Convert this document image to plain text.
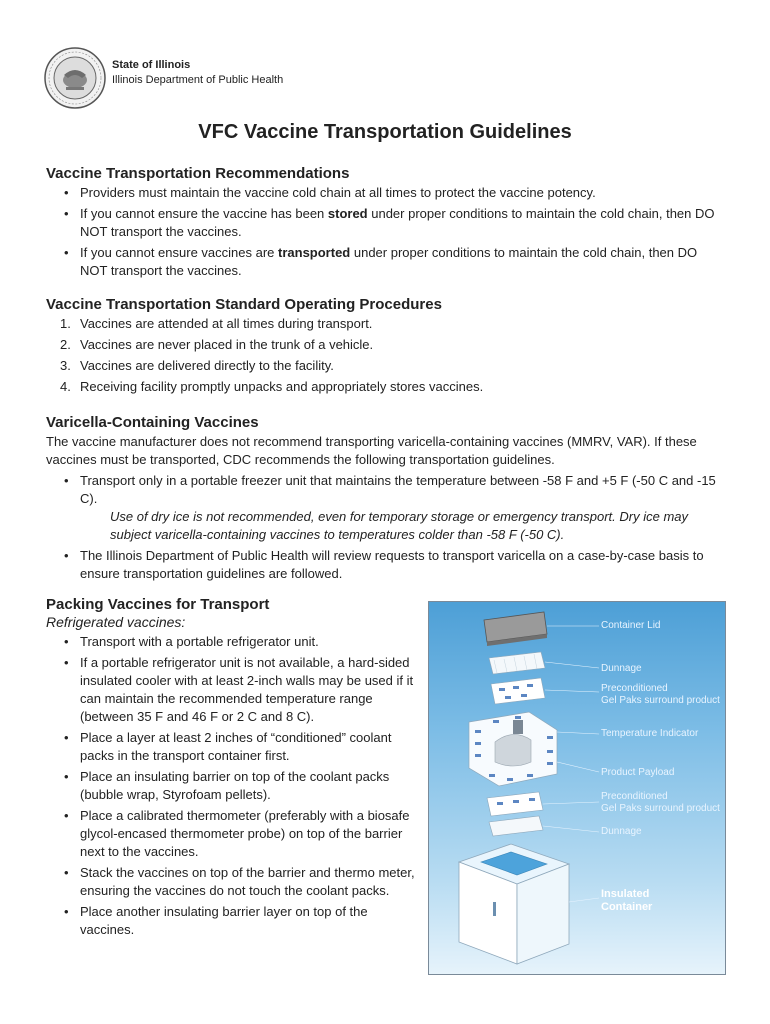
State of Illinois
Illinois Department of Public Health
VFC Vaccine Transportation Guidelines
Vaccine Transportation Recommendations
• Providers must maintain the vaccine cold chain at all times to protect the vaccine potency.
• If you cannot ensure the vaccine has been stored under proper conditions to maintain the cold chain, then DO NOT transport the vaccines.
• If you cannot ensure vaccines are transported under proper conditions to maintain the cold chain, then DO NOT transport the vaccines.
Vaccine Transportation Standard Operating Procedures
1. Vaccines are attended at all times during transport.
2. Vaccines are never placed in the trunk of a vehicle.
3. Vaccines are delivered directly to the facility.
4. Receiving facility promptly unpacks and appropriately stores vaccines.
Varicella-Containing Vaccines
The vaccine manufacturer does not recommend transporting varicella-containing vaccines (MMRV, VAR). If these vaccines must be transported, CDC recommends the following transportation guidelines.
• Transport only in a portable freezer unit that maintains the temperature between -58 F and +5 F (-50 C and -15 C).
Use of dry ice is not recommended, even for temporary storage or emergency transport. Dry ice may subject varicella-containing vaccines to temperatures colder than -58 F (-50 C).
• The Illinois Department of Public Health will review requests to transport varicella on a case-by-case basis to ensure transportation guidelines are followed.
Packing Vaccines for Transport
Refrigerated vaccines:
• Transport with a portable refrigerator unit.
• If a portable refrigerator unit is not available, a hard-sided insulated cooler with at least 2-inch walls may be used if it can maintain the recommended temperature range (between 35 F and 46 F or 2 C and 8 C).
• Place a layer at least 2 inches of “conditioned” coolant packs in the transport container first.
• Place an insulating barrier on top of the coolant packs (bubble wrap, Styrofoam pellets).
• Place a calibrated thermometer (preferably with a biosafe glycol-encased thermometer probe) on top of the barrier next to the vaccines.
• Stack the vaccines on top of the barrier and thermo meter, ensuring the vaccines do not touch the coolant packs.
• Place another insulating barrier layer on top of the vaccines.
Container Lid
Dunnage
Preconditioned
Gel Paks surround product
Temperature Indicator
Product Payload
Preconditioned
Gel Paks surround product
Dunnage
Insulated
Container
